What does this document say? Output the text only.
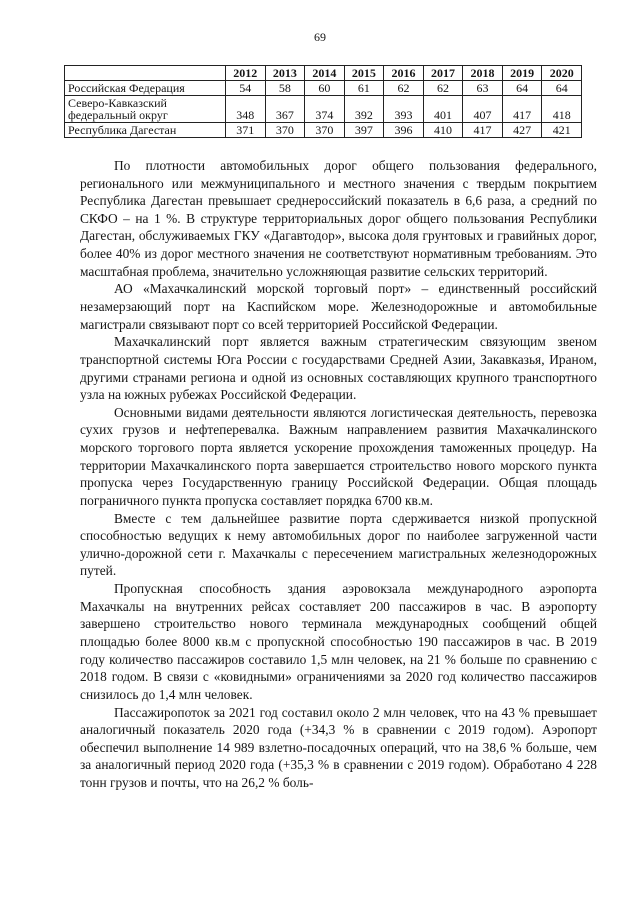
69
	2012	2013	2014	2015	2016	2017	2018	2019	2020
Российская Федерация	54	58	60	61	62	62	63	64	64
Северо-Кавказский федеральный округ	348	367	374	392	393	401	407	417	418
Республика Дагестан	371	370	370	397	396	410	417	427	421

По плотности автомобильных дорог общего пользования федерального, регионального или межмуниципального и местного значения с твердым покрытием Республика Дагестан превышает среднероссийский показатель в 6,6 раза, а средний по СКФО – на 1 %. В структуре территориальных дорог общего пользования Республики Дагестан, обслуживаемых ГКУ «Дагавтодор», высока доля грунтовых и гравийных дорог, более 40% из дорог местного значения не соответствуют нормативным требованиям. Это масштабная проблема, значительно усложняющая развитие сельских территорий.

АО «Махачкалинский морской торговый порт» – единственный российский незамерзающий порт на Каспийском море. Железнодорожные и автомобильные магистрали связывают порт со всей территорией Российской Федерации.

Махачкалинский порт является важным стратегическим связующим звеном транспортной системы Юга России с государствами Средней Азии, Закавказья, Ираном, другими странами региона и одной из основных составляющих крупного транспортного узла на южных рубежах Российской Федерации.

Основными видами деятельности являются логистическая деятельность, перевозка сухих грузов и нефтеперевалка. Важным направлением развития Махачкалинского морского торгового порта является ускорение прохождения таможенных процедур. На территории Махачкалинского порта завершается строительство нового морского пункта пропуска через Государственную границу Российской Федерации. Общая площадь пограничного пункта пропуска составляет порядка 6700 кв.м.

Вместе с тем дальнейшее развитие порта сдерживается низкой пропускной способностью ведущих к нему автомобильных дорог по наиболее загруженной части улично-дорожной сети г. Махачкалы с пересечением магистральных железнодорожных путей.

Пропускная способность здания аэровокзала международного аэропорта Махачкалы на внутренних рейсах составляет 200 пассажиров в час. В аэропорту завершено строительство нового терминала международных сообщений общей площадью более 8000 кв.м с пропускной способностью 190 пассажиров в час. В 2019 году количество пассажиров составило 1,5 млн человек, на 21 % больше по сравнению с 2018 годом. В связи с «ковидными» ограничениями за 2020 год количество пассажиров снизилось до 1,4 млн человек.

Пассажиропоток за 2021 год составил около 2 млн человек, что на 43 % превышает аналогичный показатель 2020 года (+34,3 % в сравнении с 2019 годом). Аэропорт обеспечил выполнение 14 989 взлетно-посадочных операций, что на 38,6 % больше, чем за аналогичный период 2020 года (+35,3 % в сравнении с 2019 годом). Обработано 4 228 тонн грузов и почты, что на 26,2 % боль-
